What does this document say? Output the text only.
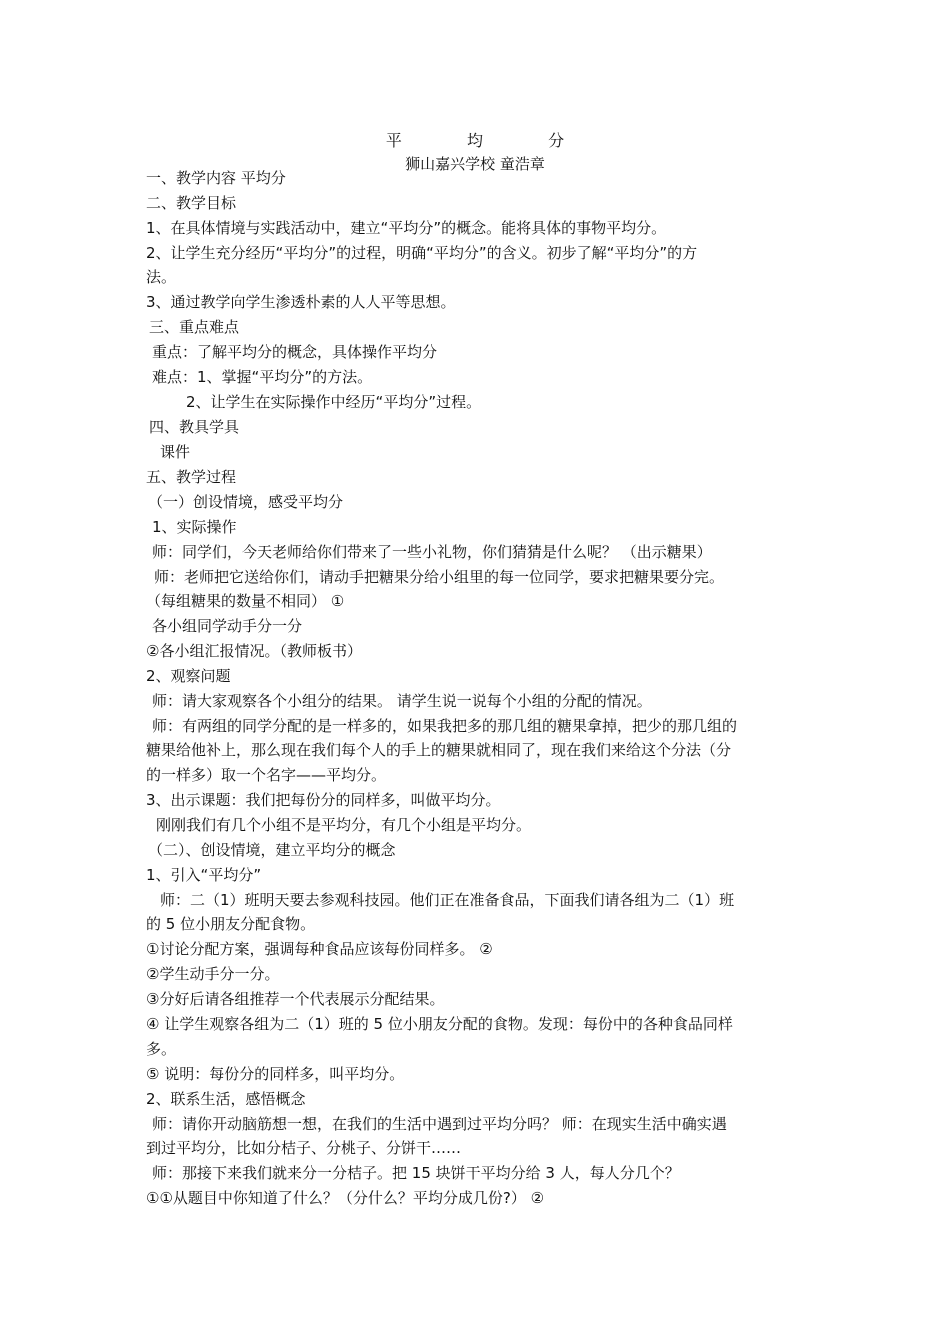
平	均	分
狮山嘉兴学校 童浩章
一、教学内容 平均分
二、教学目标
1、在具体情境与实践活动中，建立“平均分”的概念。能将具体的事物平均分。
2、让学生充分经历“平均分”的过程，明确“平均分”的含义。初步了解“平均分”的方
法。
3、通过教学向学生渗透朴素的人人平等思想。
三、重点难点
重点：了解平均分的概念，具体操作平均分
难点：1、掌握“平均分”的方法。
2、让学生在实际操作中经历“平均分”过程。
四、教具学具
课件
五、教学过程
（一）创设情境，感受平均分
1、实际操作
师：同学们，今天老师给你们带来了一些小礼物，你们猜猜是什么呢？ （出示糖果）
师：老师把它送给你们，请动手把糖果分给小组里的每一位同学，要求把糖果要分完。
（每组糖果的数量不相同） ①
各小组同学动手分一分
②各小组汇报情况。（教师板书）
2、观察问题
师：请大家观察各个小组分的结果。 请学生说一说每个小组的分配的情况。
师：有两组的同学分配的是一样多的，如果我把多的那几组的糖果拿掉，把少的那几组的
糖果给他补上，那么现在我们每个人的手上的糖果就相同了，现在我们来给这个分法（分
的一样多）取一个名字——平均分。
3、出示课题：我们把每份分的同样多，叫做平均分。
刚刚我们有几个小组不是平均分，有几个小组是平均分。
（二）、创设情境，建立平均分的概念
1、引入“平均分”
师：二（1）班明天要去参观科技园。他们正在准备食品，下面我们请各组为二（1）班
的 5 位小朋友分配食物。
①讨论分配方案，强调每种食品应该每份同样多。 ②
②学生动手分一分。
③分好后请各组推荐一个代表展示分配结果。
④ 让学生观察各组为二（1）班的 5 位小朋友分配的食物。发现：每份中的各种食品同样
多。
⑤ 说明：每份分的同样多，叫平均分。
2、联系生活，感悟概念
师：请你开动脑筋想一想，在我们的生活中遇到过平均分吗？ 师：在现实生活中确实遇
到过平均分，比如分桔子、分桃子、分饼干……
师：那接下来我们就来分一分桔子。把 15 块饼干平均分给 3 人，每人分几个？
①①从题目中你知道了什么？（分什么？平均分成几份?） ②
